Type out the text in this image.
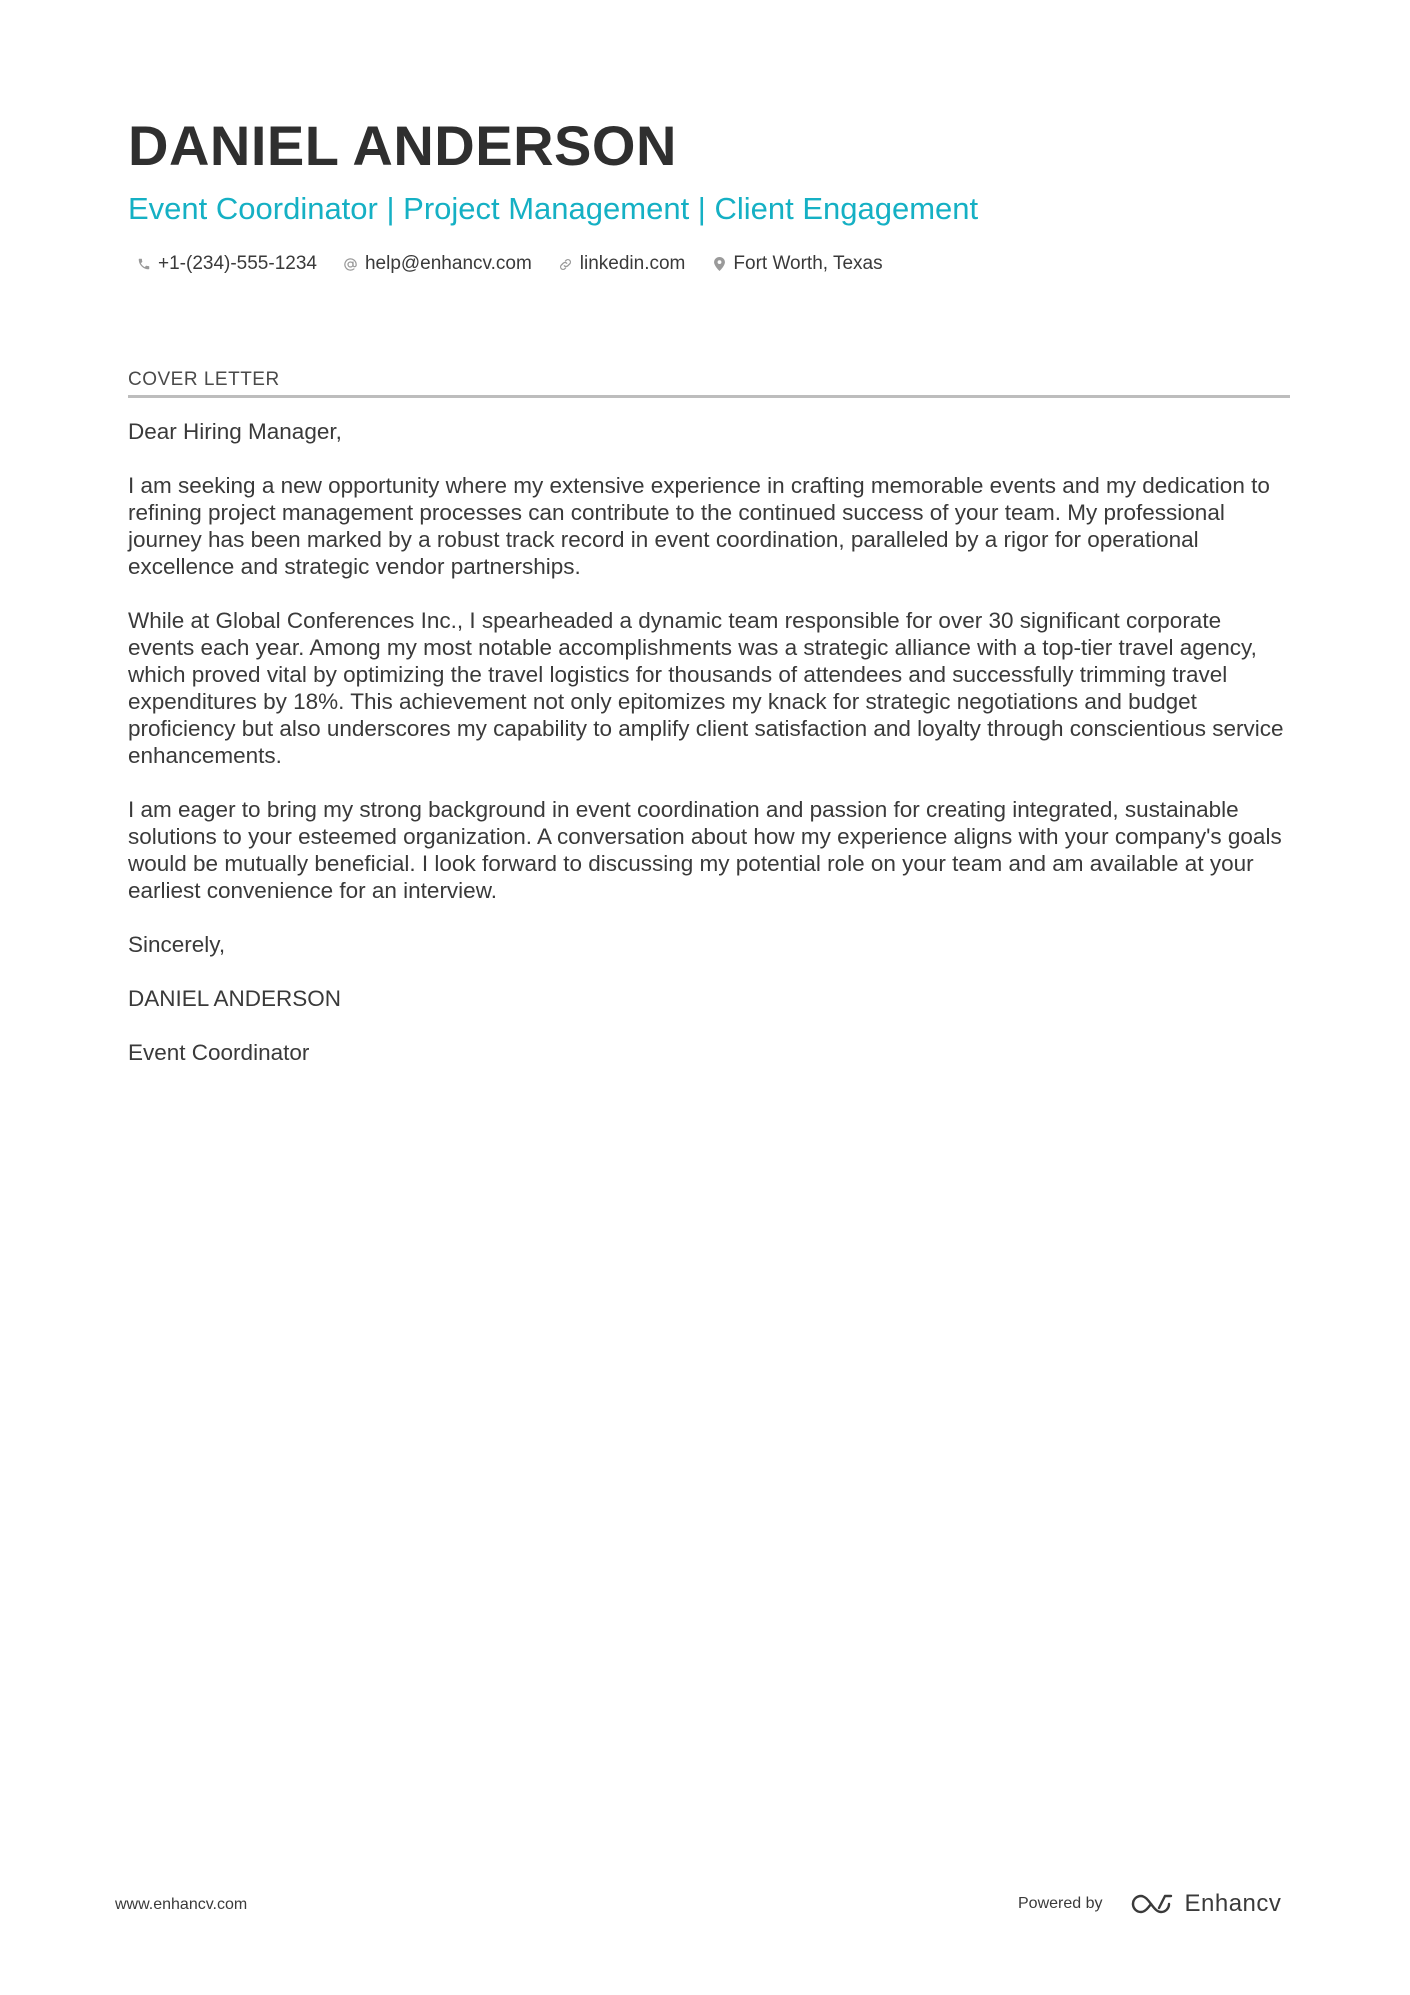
DANIEL ANDERSON
Event Coordinator | Project Management | Client Engagement
+1-(234)-555-1234	help@enhancv.com	linkedin.com	Fort Worth, Texas
COVER LETTER

Dear Hiring Manager,

I am seeking a new opportunity where my extensive experience in crafting memorable events and my dedication to refining project management processes can contribute to the continued success of your team. My professional journey has been marked by a robust track record in event coordination, paralleled by a rigor for operational excellence and strategic vendor partnerships.

While at Global Conferences Inc., I spearheaded a dynamic team responsible for over 30 significant corporate events each year. Among my most notable accomplishments was a strategic alliance with a top-tier travel agency, which proved vital by optimizing the travel logistics for thousands of attendees and successfully trimming travel expenditures by 18%. This achievement not only epitomizes my knack for strategic negotiations and budget proficiency but also underscores my capability to amplify client satisfaction and loyalty through conscientious service enhancements.

I am eager to bring my strong background in event coordination and passion for creating integrated, sustainable solutions to your esteemed organization. A conversation about how my experience aligns with your company's goals would be mutually beneficial. I look forward to discussing my potential role on your team and am available at your earliest convenience for an interview.

Sincerely,

DANIEL ANDERSON

Event Coordinator

www.enhancv.com	Powered by	Enhancv
